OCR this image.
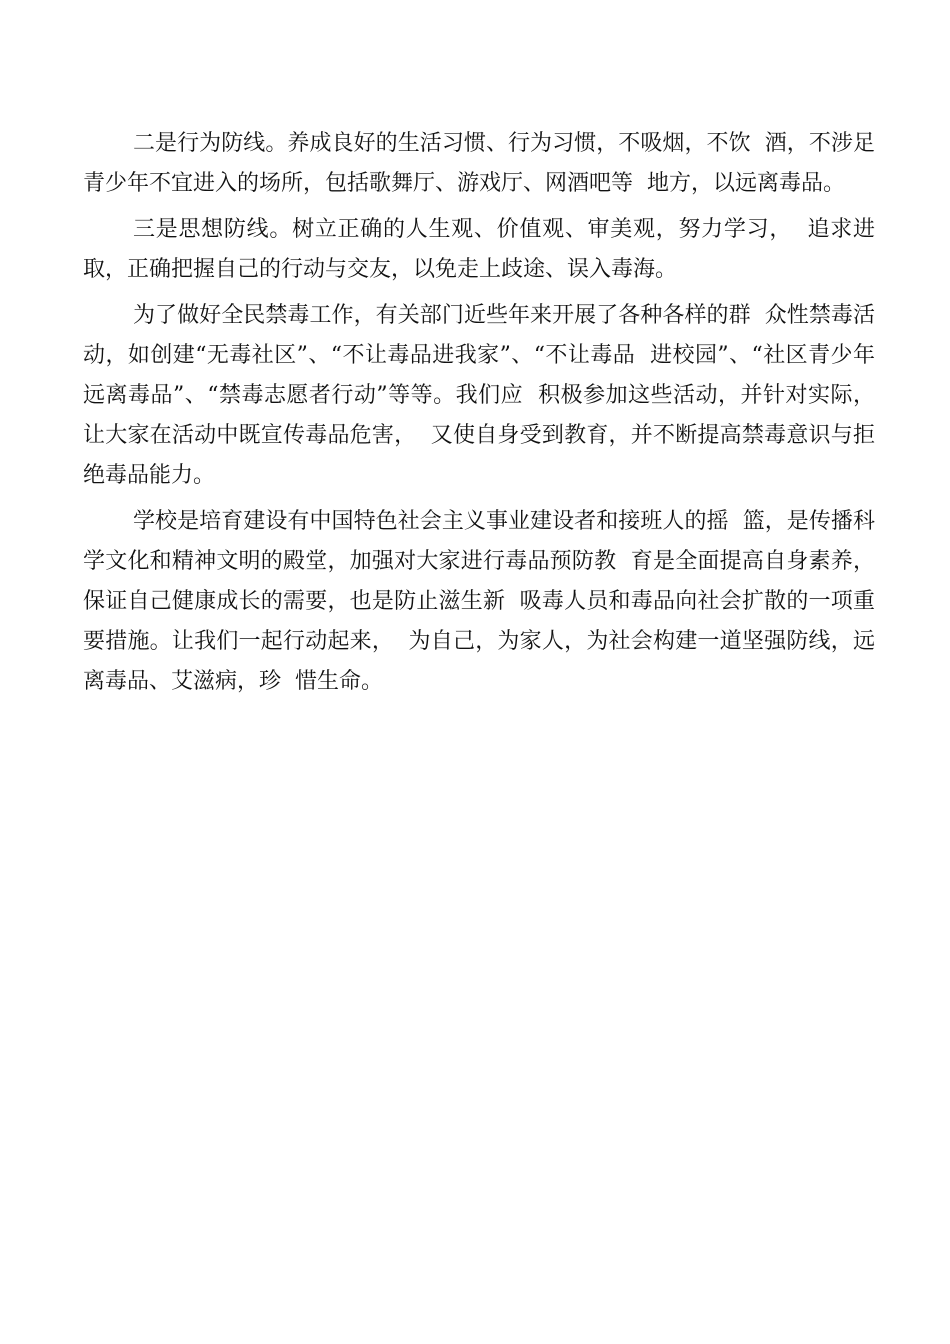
二是行为防线。养成良好的生活习惯、行为习惯，不吸烟，不饮  酒，不涉足青少年不宜进入的场所，包括歌舞厅、游戏厅、网酒吧等  地方，以远离毒品。

三是思想防线。树立正确的人生观、价值观、审美观，努力学习，  追求进取，正确把握自己的行动与交友，以免走上歧途、误入毒海。

为了做好全民禁毒工作，有关部门近些年来开展了各种各样的群  众性禁毒活动，如创建“无毒社区”、“不让毒品进我家”、“不让毒品  进校园”、“社区青少年远离毒品”、“禁毒志愿者行动”等等。我们应  积极参加这些活动，并针对实际，让大家在活动中既宣传毒品危害，  又使自身受到教育，并不断提高禁毒意识与拒绝毒品能力。

学校是培育建设有中国特色社会主义事业建设者和接班人的摇  篮，是传播科学文化和精神文明的殿堂，加强对大家进行毒品预防教  育是全面提高自身素养，保证自己健康成长的需要，也是防止滋生新  吸毒人员和毒品向社会扩散的一项重要措施。让我们一起行动起来，  为自己，为家人，为社会构建一道坚强防线，远离毒品、艾滋病，珍  惜生命。
